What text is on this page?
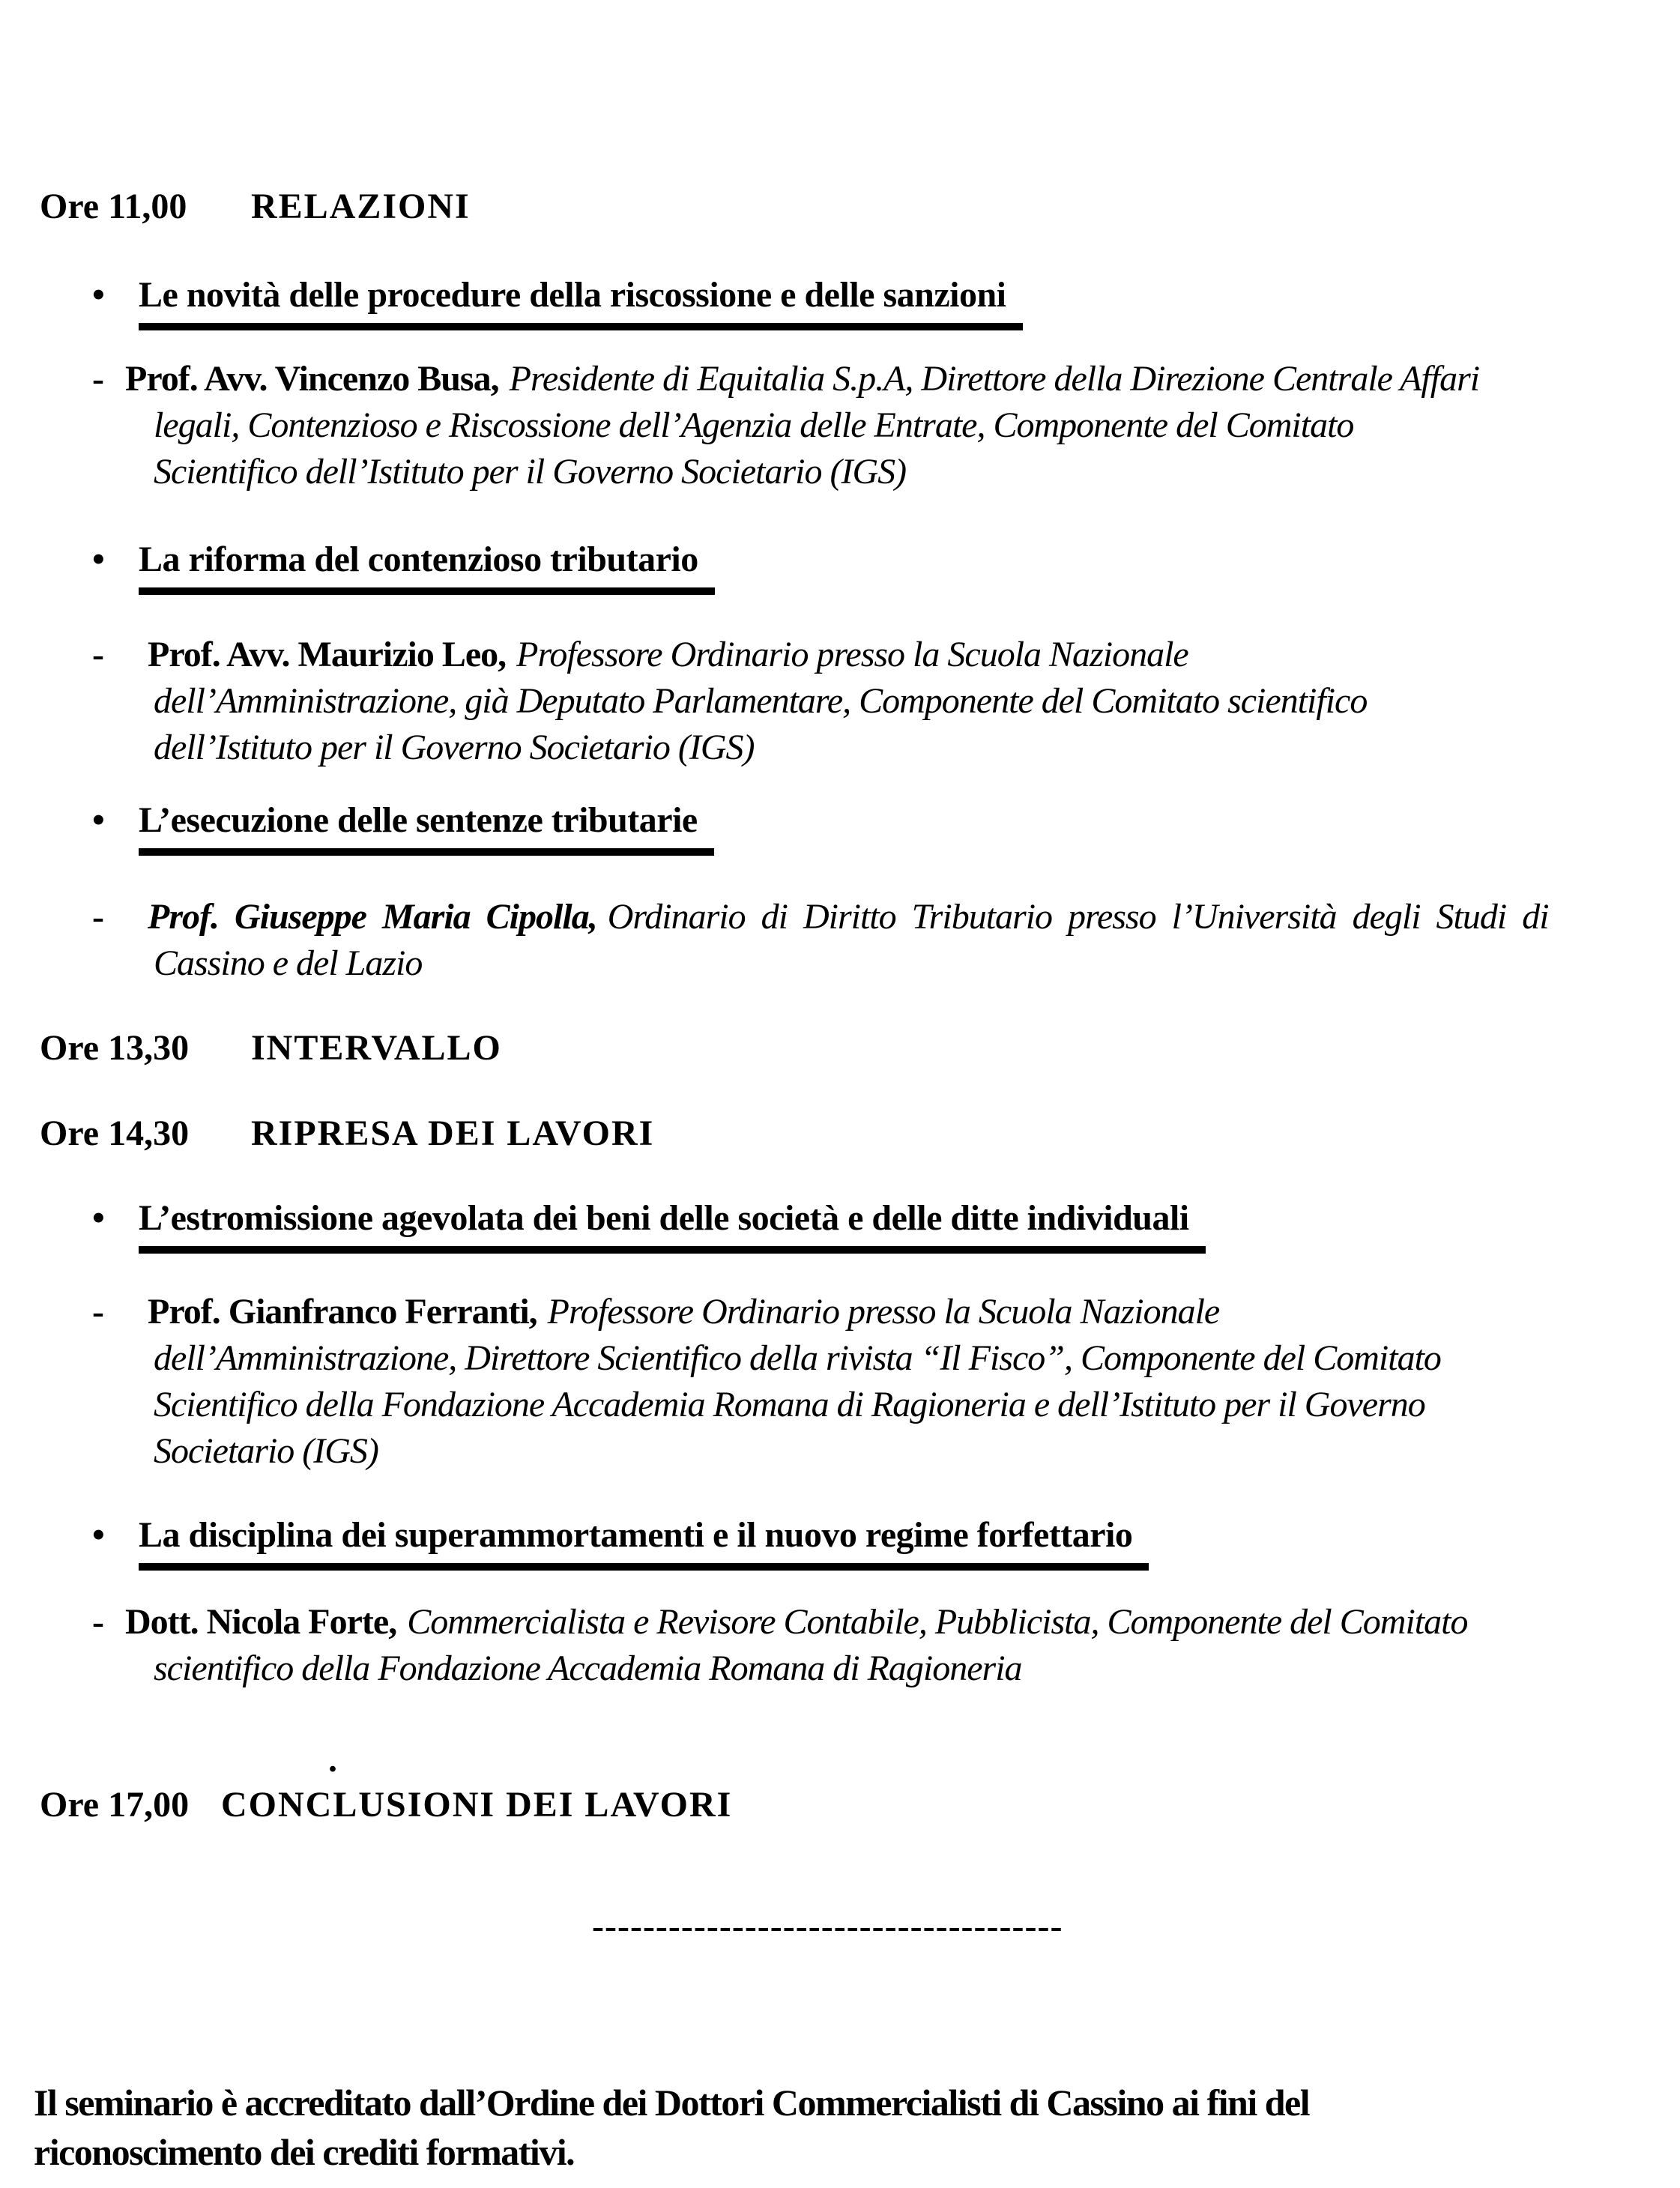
Ore 11,00 RELAZIONI
• Le novità delle procedure della riscossione e delle sanzioni
- Prof. Avv. Vincenzo Busa, Presidente di Equitalia S.p.A, Direttore della Direzione Centrale Affari
legali, Contenzioso e Riscossione dell’Agenzia delle Entrate, Componente del Comitato
Scientifico dell’Istituto per il Governo Societario (IGS)
• La riforma del contenzioso tributario
- Prof. Avv. Maurizio Leo, Professore Ordinario presso la Scuola Nazionale
dell’Amministrazione, già Deputato Parlamentare, Componente del Comitato scientifico
dell’Istituto per il Governo Societario (IGS)
• L’esecuzione delle sentenze tributarie
- Prof. Giuseppe Maria Cipolla, Ordinario di Diritto Tributario presso l’Università degli Studi di
Cassino e del Lazio
Ore 13,30 INTERVALLO
Ore 14,30 RIPRESA DEI LAVORI
• L’estromissione agevolata dei beni delle società e delle ditte individuali
- Prof. Gianfranco Ferranti, Professore Ordinario presso la Scuola Nazionale
dell’Amministrazione, Direttore Scientifico della rivista “Il Fisco”, Componente del Comitato
Scientifico della Fondazione Accademia Romana di Ragioneria e dell’Istituto per il Governo
Societario (IGS)
• La disciplina dei superammortamenti e il nuovo regime forfettario
- Dott. Nicola Forte, Commercialista e Revisore Contabile, Pubblicista, Componente del Comitato
scientifico della Fondazione Accademia Romana di Ragioneria
.
Ore 17,00 CONCLUSIONI DEI LAVORI
-------------------------------------
Il seminario è accreditato dall’Ordine dei Dottori Commercialisti di Cassino ai fini del
riconoscimento dei crediti formativi.
